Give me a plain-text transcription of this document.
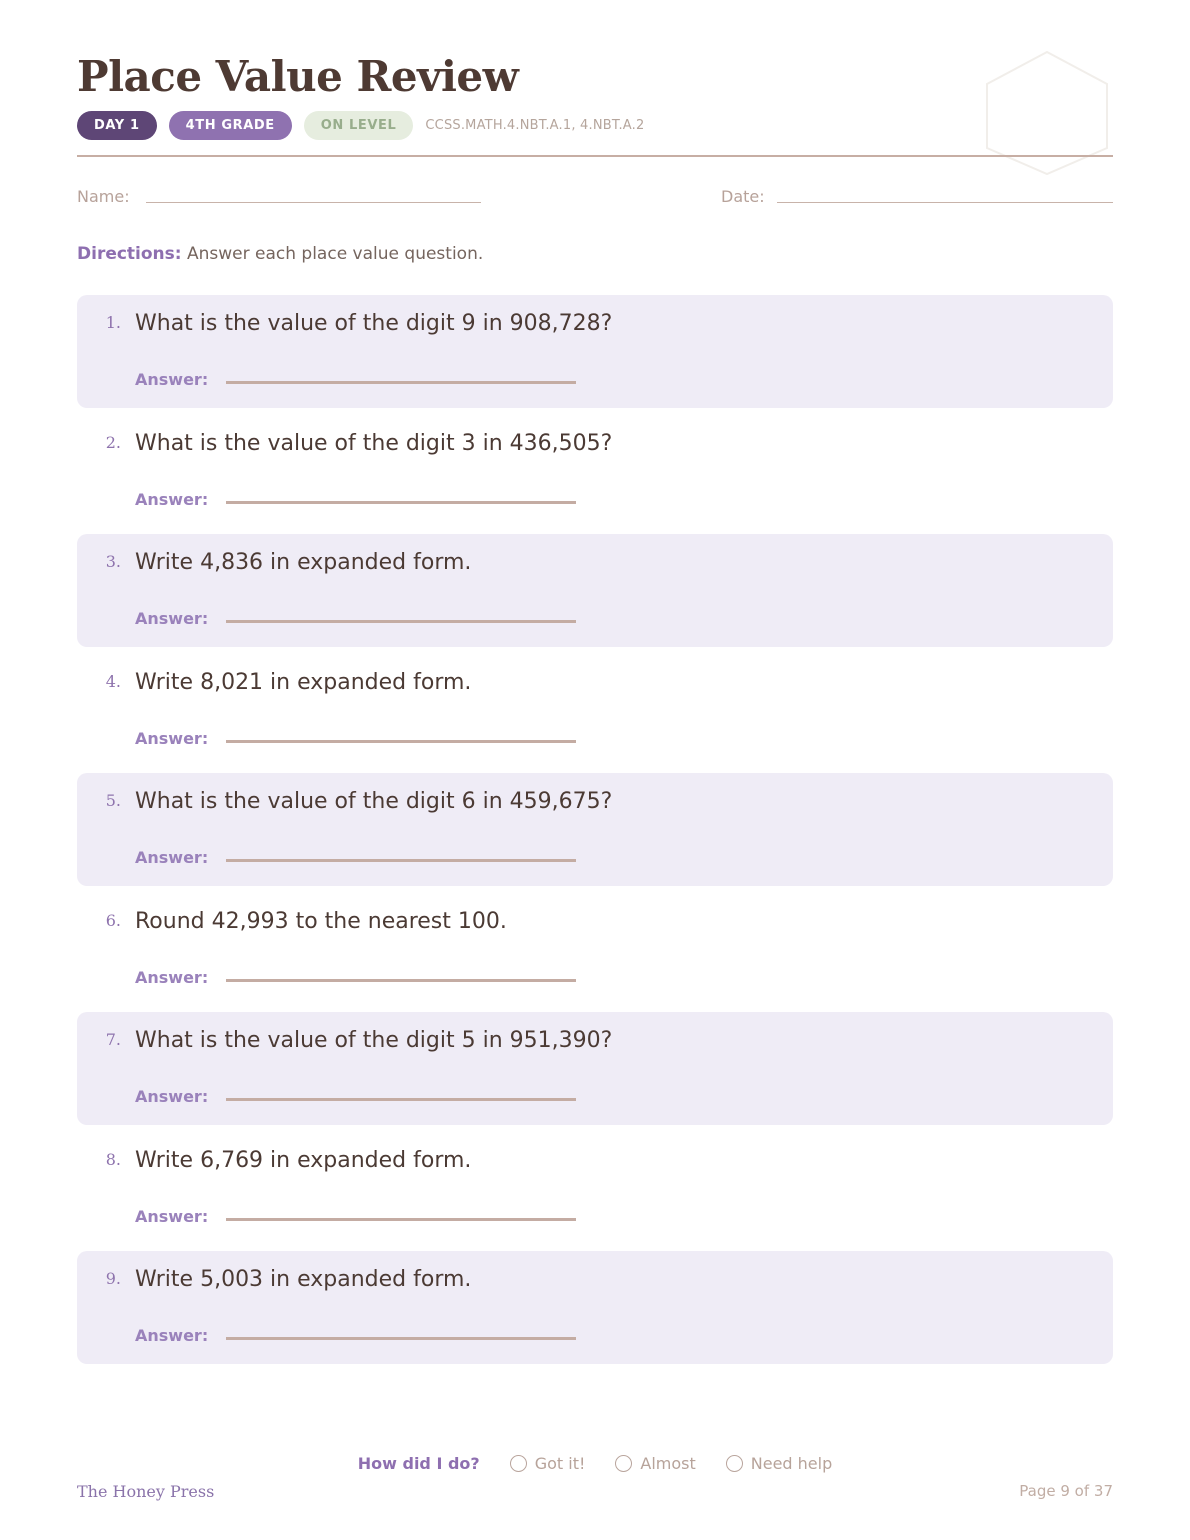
Place Value Review
DAY 1	4TH GRADE	ON LEVEL	CCSS.MATH.4.NBT.A.1, 4.NBT.A.2
Name:	Date:
Directions: Answer each place value question.
1. What is the value of the digit 9 in 908,728?
Answer:
2. What is the value of the digit 3 in 436,505?
Answer:
3. Write 4,836 in expanded form.
Answer:
4. Write 8,021 in expanded form.
Answer:
5. What is the value of the digit 6 in 459,675?
Answer:
6. Round 42,993 to the nearest 100.
Answer:
7. What is the value of the digit 5 in 951,390?
Answer:
8. Write 6,769 in expanded form.
Answer:
9. Write 5,003 in expanded form.
Answer:
How did I do?	Got it!	Almost	Need help
The Honey Press	Page 9 of 37
